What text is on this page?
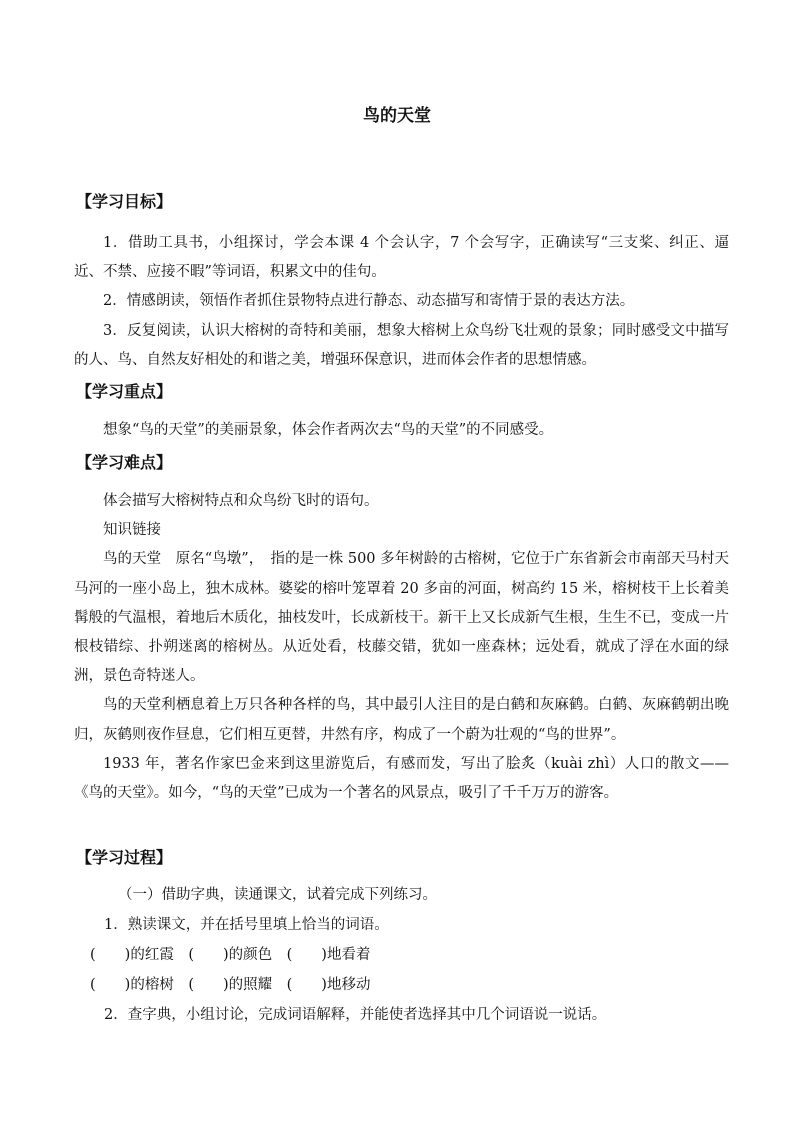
鸟的天堂
【学习目标】
1．借助工具书，小组探讨，学会本课 4 个会认字，7 个会写字，正确读写“三支桨、纠正、逼近、不禁、应接不暇”等词语，积累文中的佳句。
2．情感朗读，领悟作者抓住景物特点进行静态、动态描写和寄情于景的表达方法。
3．反复阅读，认识大榕树的奇特和美丽，想象大榕树上众鸟纷飞壮观的景象；同时感受文中描写的人、鸟、自然友好相处的和谐之美，增强环保意识，进而体会作者的思想情感。
【学习重点】
想象“鸟的天堂”的美丽景象，体会作者两次去“鸟的天堂”的不同感受。
【学习难点】
体会描写大榕树特点和众鸟纷飞时的语句。
知识链接
鸟的天堂　原名“鸟墩”，　指的是一株 500 多年树龄的古榕树，它位于广东省新会市南部天马村天马河的一座小岛上，独木成林。婆娑的榕叶笼罩着 20 多亩的河面，树高约 15 米，榕树枝干上长着美髯般的气温根，着地后木质化，抽枝发叶，长成新枝干。新干上又长成新气生根，生生不已，变成一片根枝错综、扑朔迷离的榕树丛。从近处看，枝藤交错，犹如一座森林；远处看，就成了浮在水面的绿洲，景色奇特迷人。
鸟的天堂利栖息着上万只各种各样的鸟，其中最引人注目的是白鹤和灰麻鹤。白鹤、灰麻鹤朝出晚归，灰鹤则夜作昼息，它们相互更替，井然有序，构成了一个蔚为壮观的“鸟的世界”。
1933 年，著名作家巴金来到这里游览后，有感而发，写出了脍炙（kuài zhì）人口的散文——《鸟的天堂》。如今，“鸟的天堂”已成为一个著名的风景点，吸引了千千万万的游客。
【学习过程】
（一）借助字典，读通课文，试着完成下列练习。
1．熟读课文，并在括号里填上恰当的词语。
(　　)的红霞　(　　)的颜色　(　　)地看着
(　　)的榕树　(　　)的照耀　(　　)地移动
2．查字典，小组讨论，完成词语解释，并能使者选择其中几个词语说一说话。
